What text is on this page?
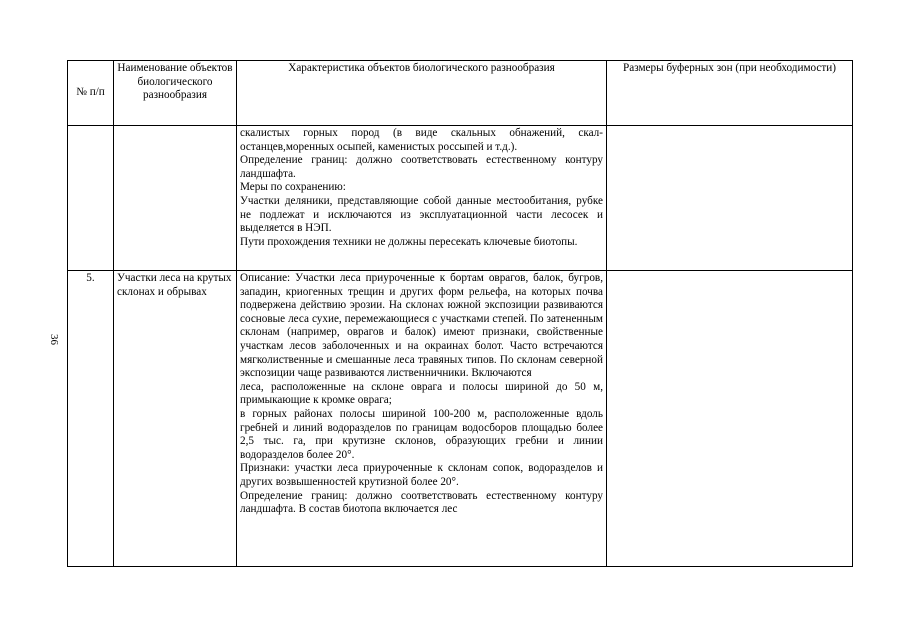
36
№ п/п	Наименование объектов биологического разнообразия	Характеристика объектов биологического разнообразия	Размеры буферных зон (при необходимости)

		скалистых горных пород (в виде скальных обнажений, скал-останцев,моренных осыпей, каменистых россыпей и т.д.).

Определение границ: должно соответствовать естественному контуру ландшафта.

Меры по сохранению:

Участки деляники, представляющие собой данные местообитания, рубке не подлежат и исключаются из эксплуатационной части лесосек и выделяется в НЭП.

Пути прохождения техники не должны пересекать ключевые биотопы.	

5.	Участки леса на крутых склонах и обрывах	Описание: Участки леса приуроченные к бортам оврагов, балок, бугров, западин, криогенных трещин и других форм рельефа, на которых почва подвержена действию эрозии. На склонах южной экспозиции развиваются сосновые леса сухие, перемежающиеся с участками степей. По затененным склонам (например, оврагов и балок) имеют признаки, свойственные участкам лесов заболоченных и на окраинах болот. Часто встречаются мягколиственные и смешанные леса травяных типов. По склонам северной экспозиции чаще развиваются лиственничники. Включаются

леса, расположенные на склоне оврага и полосы шириной до 50 м, примыкающие к кромке оврага;

в горных районах полосы шириной 100-200 м, расположенные вдоль гребней и линий водоразделов по границам водосборов площадью более 2,5 тыс. га, при крутизне склонов, образующих гребни и линии водоразделов более 20°.

Признаки: участки леса приуроченные к склонам сопок, водоразделов и других возвышенностей крутизной более 20°.

Определение границ: должно соответствовать естественному контуру ландшафта. В состав биотопа включается лес	
